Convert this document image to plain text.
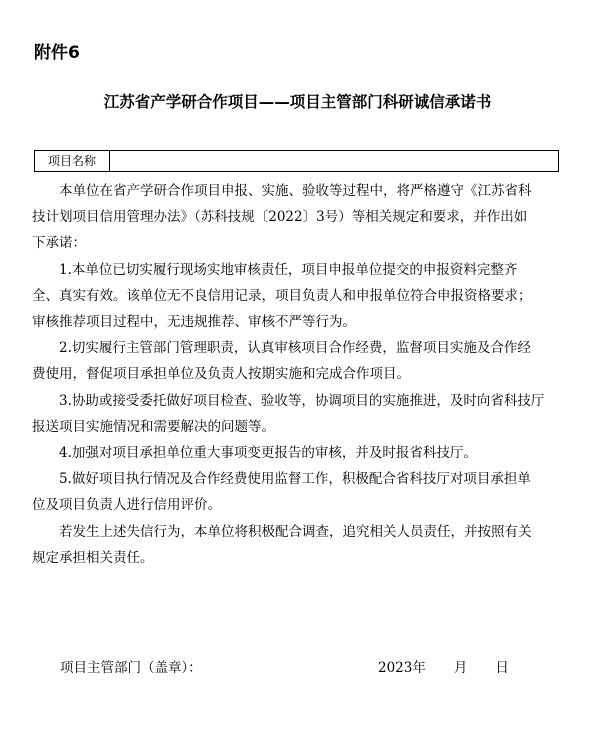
附件6
江苏省产学研合作项目——项目主管部门科研诚信承诺书
项目名称
本单位在省产学研合作项目申报、实施、验收等过程中，将严格遵守《江苏省科
技计划项目信用管理办法》（苏科技规〔2022〕3号）等相关规定和要求，并作出如
下承诺：
1.本单位已切实履行现场实地审核责任，项目申报单位提交的申报资料完整齐
全、真实有效。该单位无不良信用记录，项目负责人和申报单位符合申报资格要求；
审核推荐项目过程中，无违规推荐、审核不严等行为。
2.切实履行主管部门管理职责，认真审核项目合作经费，监督项目实施及合作经
费使用，督促项目承担单位及负责人按期实施和完成合作项目。
3.协助或接受委托做好项目检查、验收等，协调项目的实施推进，及时向省科技厅
报送项目实施情况和需要解决的问题等。
4.加强对项目承担单位重大事项变更报告的审核，并及时报省科技厅。
5.做好项目执行情况及合作经费使用监督工作，积极配合省科技厅对项目承担单
位及项目负责人进行信用评价。
若发生上述失信行为，本单位将积极配合调查，追究相关人员责任，并按照有关
规定承担相关责任。
项目主管部门（盖章）：	2023年 月 日
